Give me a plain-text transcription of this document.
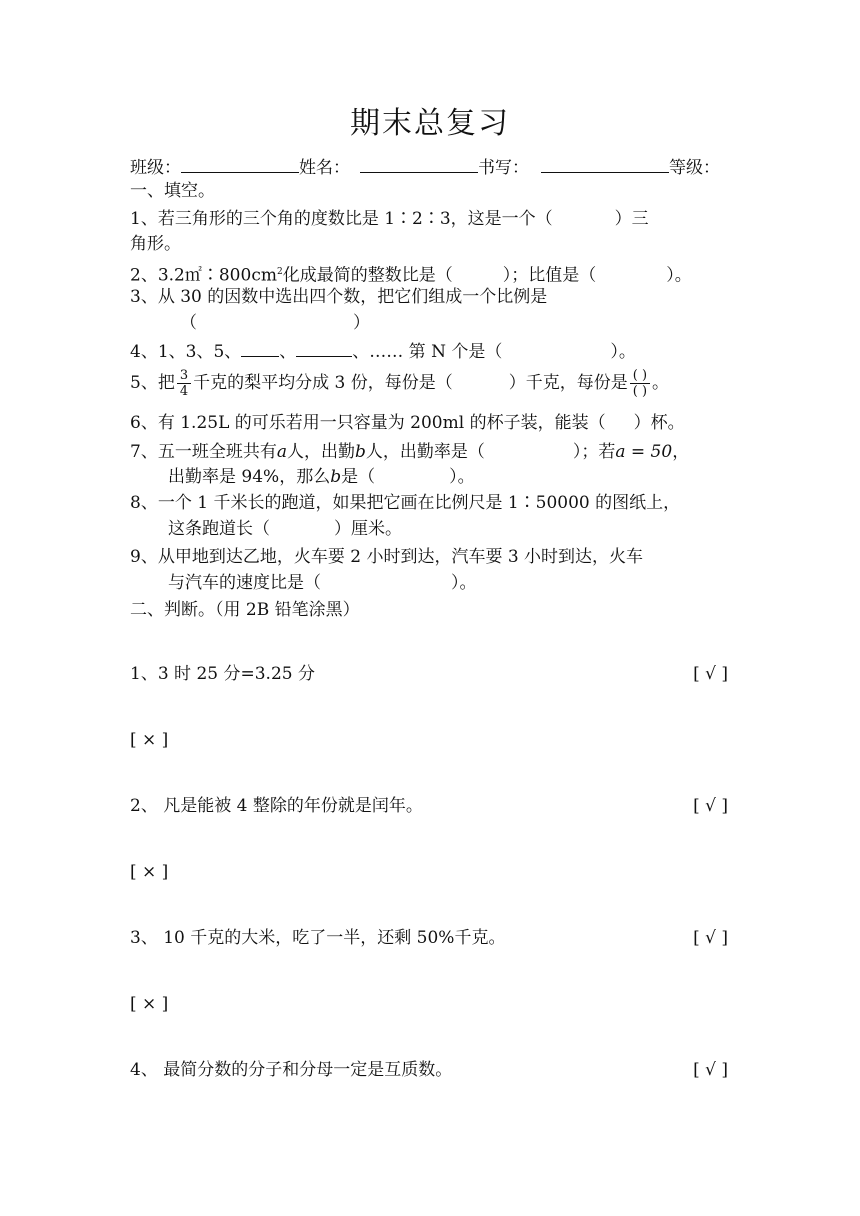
期末总复习
班级：	姓名：	书写：	等级：
一、填空。
1、若三角形的三个角的度数比是 1∶2∶3，这是一个（	）三
角形。
2、$3.2㎡∶800cm^2$化成最简的整数比是（	）；比值是（	）。
3、从 30 的因数中选出四个数，把它们组成一个比例是
（	）
4、1、3、5、 、	、…… 第 N 个是（	）。
5、把 $\frac{3}{4}$ 千克的梨平均分成 3 份，每份是（	）千克，每份是 $\frac{( )}{( )}$ 。
6、有 1.25L 的可乐若用一只容量为 200ml 的杯子装，能装（ ）杯。
7、五一班全班共有a人，出勤b人，出勤率是（	）；若a = 50，
出勤率是 94%，那么b是（	）。
8、一个 1 千米长的跑道，如果把它画在比例尺是 1∶50000 的图纸上，
这条跑道长（	）厘米。
9、从甲地到达乙地，火车要 2 小时到达，汽车要 3 小时到达，火车
与汽车的速度比是（	）。
二、判断。（用 2B 铅笔涂黑）
1、3 时 25 分=3.25 分	[ √ ]
[ × ]
2、 凡是能被 4 整除的年份就是闰年。	[ √ ]
[ × ]
3、 10 千克的大米，吃了一半，还剩 50%千克。	[ √ ]
[ × ]
4、 最简分数的分子和分母一定是互质数。	[ √ ]
